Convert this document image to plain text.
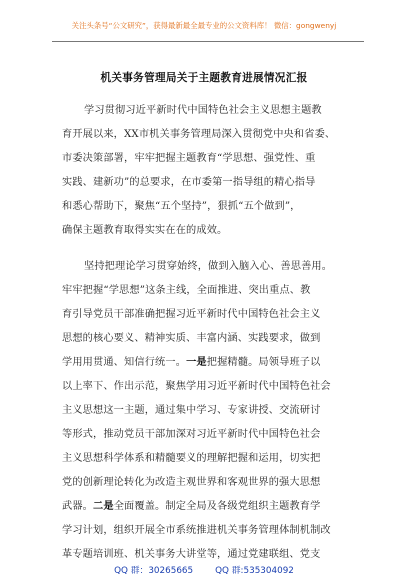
关注头条号“公文研究”，获得最新最全最专业的公文资料库！ 微信：gongwenyj
机关事务管理局关于主题教育进展情况汇报
学习贯彻习近平新时代中国特色社会主义思想主题教
育开展以来，XX市机关事务管理局深入贯彻党中央和省委、
市委决策部署，牢牢把握主题教育“学思想、强党性、重
实践、建新功”的总要求，在市委第一指导组的精心指导
和悉心帮助下，聚焦“五个坚持”，狠抓“五个做到”，
确保主题教育取得实实在在的成效。
坚持把理论学习贯穿始终，做到入脑入心、善思善用。
牢牢把握“学思想”这条主线，全面推进、突出重点、教
育引导党员干部准确把握习近平新时代中国特色社会主义
思想的核心要义、精神实质、丰富内涵、实践要求，做到
学用用贯通、知信行统一。一是把握精髓。局领导班子以
以上率下、作出示范，聚焦学用习近平新时代中国特色社会
主义思想这一主题，通过集中学习、专家讲授、交流研讨
等形式，推动党员干部加深对习近平新时代中国特色社会
主义思想科学体系和精髓要义的理解把握和运用，切实把
党的创新理论转化为改造主观世界和客观世界的强大思想
武器。二是全面覆盖。制定全局及各级党组织主题教育学
学习计划，组织开展全市系统推进机关事务管理体制机制改
革专题培训班、机关事务大讲堂等，通过党建联组、党支
QQ 群：30265665	QQ 群:535304092
